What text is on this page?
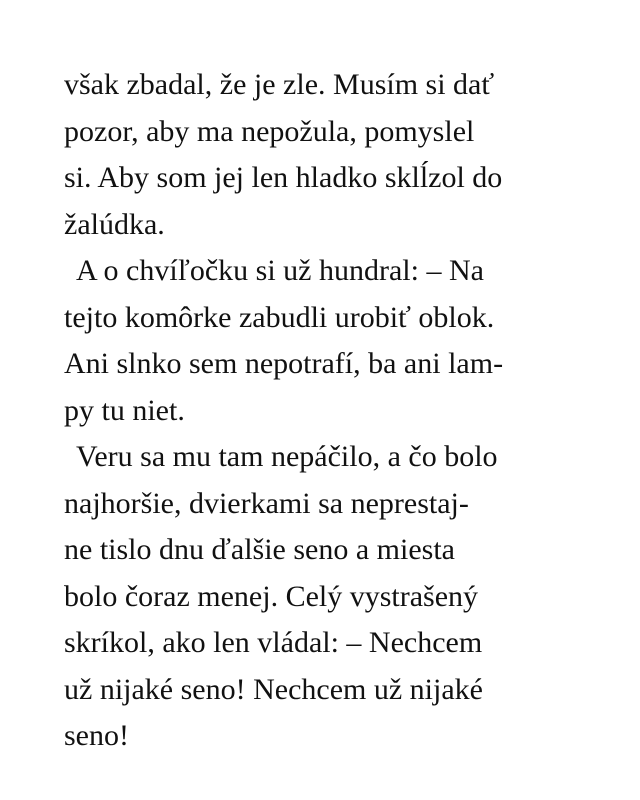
však zbadal, že je zle. Musím si dať
pozor, aby ma nepožula, pomyslel
si. Aby som jej len hladko sklĺzol do
žalúdka.
A o chvíľočku si už hundral: – Na
tejto komôrke zabudli urobiť oblok.
Ani slnko sem nepotrafí, ba ani lam-
py tu niet.
Veru sa mu tam nepáčilo, a čo bolo
najhoršie, dvierkami sa neprestaj-
ne tislo dnu ďalšie seno a miesta
bolo čoraz menej. Celý vystrašený
skríkol, ako len vládal: – Nechcem
už nijaké seno! Nechcem už nijaké
seno!
